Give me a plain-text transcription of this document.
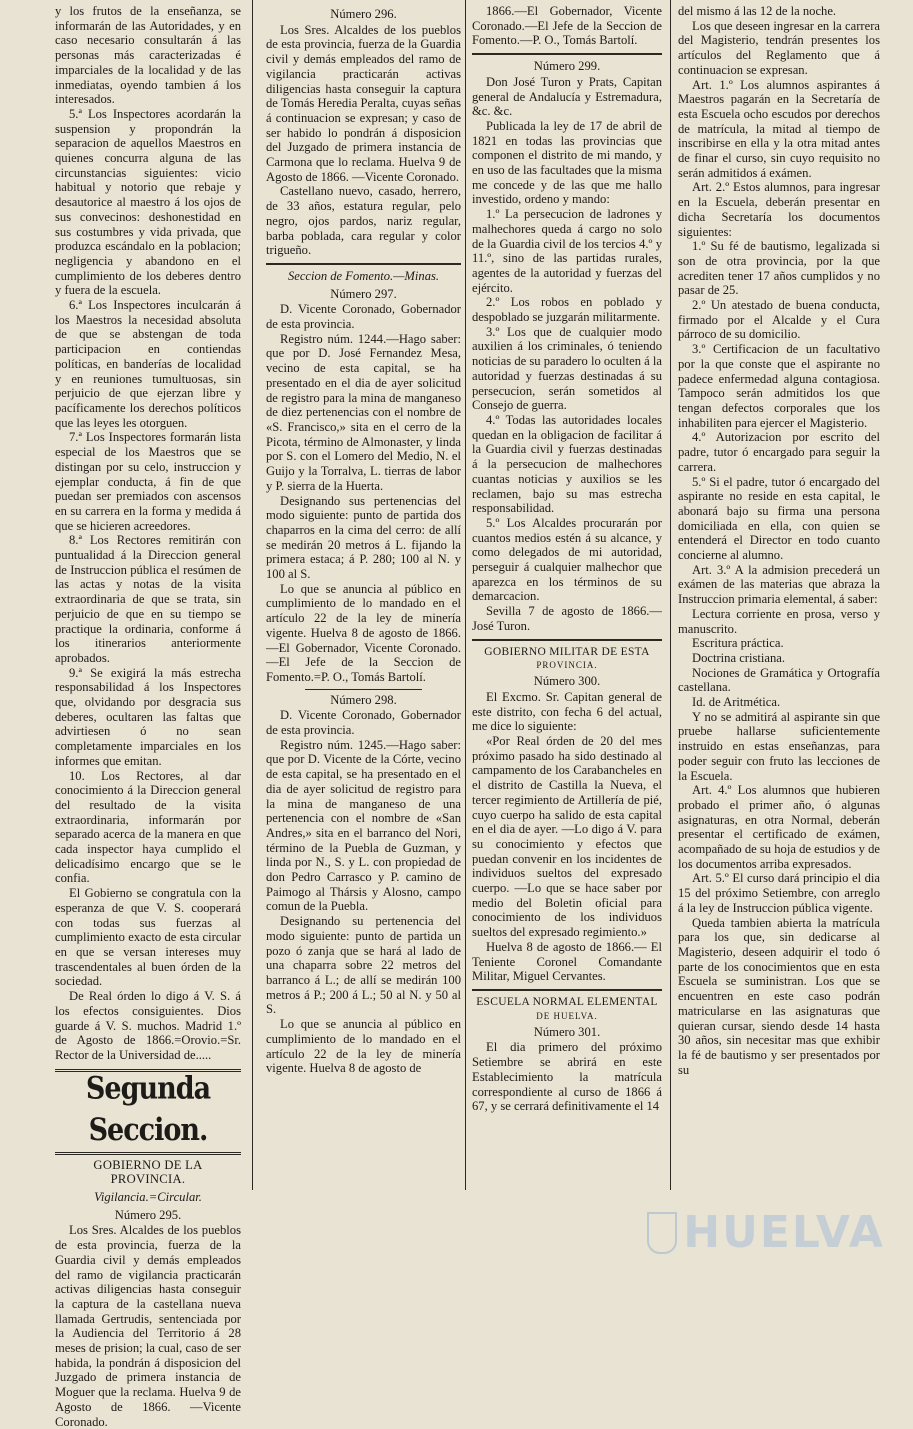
y los frutos de la enseñanza, se informarán de las Autoridades, y en caso necesario consultarán á las personas más caracterizadas é imparciales de la localidad y de las inmediatas, oyendo tambien á los interesados.

5.ª Los Inspectores acordarán la suspension y propondrán la separacion de aquellos Maestros en quienes concurra alguna de las circunstancias siguientes: vicio habitual y notorio que rebaje y desautorice al maestro á los ojos de sus convecinos: deshonestidad en sus costumbres y vida privada, que produzca escándalo en la poblacion; negligencia y abandono en el cumplimiento de los deberes dentro y fuera de la escuela.

6.ª Los Inspectores inculcarán á los Maestros la necesidad absoluta de que se abstengan de toda participacion en contiendas políticas, en banderías de localidad y en reuniones tumultuosas, sin perjuicio de que ejerzan libre y pacíficamente los derechos políticos que las leyes les otorguen.

7.ª Los Inspectores formarán lista especial de los Maestros que se distingan por su celo, instruccion y ejemplar conducta, á fin de que puedan ser premiados con ascensos en su carrera en la forma y medida á que se hicieren acreedores.

8.ª Los Rectores remitirán con puntualidad á la Direccion general de Instruccion pública el resúmen de las actas y notas de la visita extraordinaria de que se trata, sin perjuicio de que en su tiempo se practique la ordinaria, conforme á los itinerarios anteriormente aprobados.

9.ª Se exigirá la más estrecha responsabilidad á los Inspectores que, olvidando por desgracia sus deberes, ocultaren las faltas que advirtiesen ó no sean completamente imparciales en los informes que emitan.

10. Los Rectores, al dar conocimiento á la Direccion general del resultado de la visita extraordinaria, informarán por separado acerca de la manera en que cada inspector haya cumplido el delicadísimo encargo que se le confia.

El Gobierno se congratula con la esperanza de que V. S. cooperará con todas sus fuerzas al cumplimiento exacto de esta circular en que se versan intereses muy trascendentales al buen órden de la sociedad.

De Real órden lo digo á V. S. á los efectos consiguientes. Dios guarde á V. S. muchos. Madrid 1.º de Agosto de 1866.=Orovio.=Sr. Rector de la Universidad de.....

Segunda Seccion.

GOBIERNO DE LA PROVINCIA.

Vigilancia.=Circular.

Número 295.

Los Sres. Alcaldes de los pueblos de esta provincia, fuerza de la Guardia civil y demás empleados del ramo de vigilancia practicarán activas diligencias hasta conseguir la captura de la castellana nueva llamada Gertrudis, sentenciada por la Audiencia del Territorio á 28 meses de prision; la cual, caso de ser habida, la pondrán á disposicion del Juzgado de primera instancia de Moguer que la reclama. Huelva 9 de Agosto de 1866. —Vicente Coronado.

Número 296.

Los Sres. Alcaldes de los pueblos de esta provincia, fuerza de la Guardia civil y demás empleados del ramo de vigilancia practicarán activas diligencias hasta conseguir la captura de Tomás Heredia Peralta, cuyas señas á continuacion se expresan; y caso de ser habido lo pondrán á disposicion del Juzgado de primera instancia de Carmona que lo reclama. Huelva 9 de Agosto de 1866. —Vicente Coronado.

Castellano nuevo, casado, herrero, de 33 años, estatura regular, pelo negro, ojos pardos, nariz regular, barba poblada, cara regular y color trigueño.

Seccion de Fomento.—Minas.

Número 297.

D. Vicente Coronado, Gobernador de esta provincia.

Registro núm. 1244.—Hago saber: que por D. José Fernandez Mesa, vecino de esta capital, se ha presentado en el dia de ayer solicitud de registro para la mina de manganeso de diez pertenencias con el nombre de «S. Francisco,» sita en el cerro de la Picota, término de Almonaster, y linda por S. con el Lomero del Medio, N. el Guijo y la Torralva, L. tierras de labor y P. sierra de la Huerta.

Designando sus pertenencias del modo siguiente: punto de partida dos chaparros en la cima del cerro: de allí se medirán 20 metros á L. fijando la primera estaca; á P. 280; 100 al N. y 100 al S.

Lo que se anuncia al público en cumplimiento de lo mandado en el artículo 22 de la ley de minería vigente. Huelva 8 de agosto de 1866.—El Gobernador, Vicente Coronado.—El Jefe de la Seccion de Fomento.=P. O., Tomás Bartolí.

Número 298.

D. Vicente Coronado, Gobernador de esta provincia.

Registro núm. 1245.—Hago saber: que por D. Vicente de la Córte, vecino de esta capital, se ha presentado en el dia de ayer solicitud de registro para la mina de manganeso de una pertenencia con el nombre de «San Andres,» sita en el barranco del Nori, término de la Puebla de Guzman, y linda por N., S. y L. con propiedad de don Pedro Carrasco y P. camino de Paimogo al Thársis y Alosno, campo comun de la Puebla.

Designando su pertenencia del modo siguiente: punto de partida un pozo ó zanja que se hará al lado de una chaparra sobre 22 metros del barranco á L.; de allí se medirán 100 metros á P.; 200 á L.; 50 al N. y 50 al S.

Lo que se anuncia al público en cumplimiento de lo mandado en el artículo 22 de la ley de minería vigente. Huelva 8 de agosto de

1866.—El Gobernador, Vicente Coronado.—El Jefe de la Seccion de Fomento.—P. O., Tomás Bartolí.

Número 299.

Don José Turon y Prats, Capitan general de Andalucía y Estremadura, &c. &c.

Publicada la ley de 17 de abril de 1821 en todas las provincias que componen el distrito de mi mando, y en uso de las facultades que la misma me concede y de las que me hallo investido, ordeno y mando:

1.º La persecucion de ladrones y malhechores queda á cargo no solo de la Guardia civil de los tercios 4.º y 11.º, sino de las partidas rurales, agentes de la autoridad y fuerzas del ejército.

2.º Los robos en poblado y despoblado se juzgarán militarmente.

3.º Los que de cualquier modo auxilien á los criminales, ó teniendo noticias de su paradero lo oculten á la autoridad y fuerzas destinadas á su persecucion, serán sometidos al Consejo de guerra.

4.º Todas las autoridades locales quedan en la obligacion de facilitar á la Guardia civil y fuerzas destinadas á la persecucion de malhechores cuantas noticias y auxilios se les reclamen, bajo su mas estrecha responsabilidad.

5.º Los Alcaldes procurarán por cuantos medios estén á su alcance, y como delegados de mi autoridad, perseguir á cualquier malhechor que aparezca en los términos de su demarcacion.

Sevilla 7 de agosto de 1866.— José Turon.

GOBIERNO MILITAR DE ESTA

PROVINCIA.

Número 300.

El Excmo. Sr. Capitan general de este distrito, con fecha 6 del actual, me dice lo siguiente:

«Por Real órden de 20 del mes próximo pasado ha sido destinado al campamento de los Carabancheles en el distrito de Castilla la Nueva, el tercer regimiento de Artillería de pié, cuyo cuerpo ha salido de esta capital en el dia de ayer. —Lo digo á V. para su conocimiento y efectos que puedan convenir en los incidentes de individuos sueltos del expresado cuerpo. —Lo que se hace saber por medio del Boletin oficial para conocimiento de los individuos sueltos del expresado regimiento.»

Huelva 8 de agosto de 1866.— El Teniente Coronel Comandante Militar, Miguel Cervantes.

ESCUELA NORMAL ELEMENTAL

DE HUELVA.

Número 301.

El dia primero del próximo Setiembre se abrirá en este Establecimiento la matrícula correspondiente al curso de 1866 á 67, y se cerrará definitivamente el 14

del mismo á las 12 de la noche.

Los que deseen ingresar en la carrera del Magisterio, tendrán presentes los artículos del Reglamento que á continuacion se expresan.

Art. 1.º Los alumnos aspirantes á Maestros pagarán en la Secretaría de esta Escuela ocho escudos por derechos de matrícula, la mitad al tiempo de inscribirse en ella y la otra mitad antes de finar el curso, sin cuyo requisito no serán admitidos á exámen.

Art. 2.º Estos alumnos, para ingresar en la Escuela, deberán presentar en dicha Secretaría los documentos siguientes:

1.º Su fé de bautismo, legalizada si son de otra provincia, por la que acrediten tener 17 años cumplidos y no pasar de 25.

2.º Un atestado de buena conducta, firmado por el Alcalde y el Cura párroco de su domicilio.

3.º Certificacion de un facultativo por la que conste que el aspirante no padece enfermedad alguna contagiosa. Tampoco serán admitidos los que tengan defectos corporales que los inhabiliten para ejercer el Magisterio.

4.º Autorizacion por escrito del padre, tutor ó encargado para seguir la carrera.

5.º Si el padre, tutor ó encargado del aspirante no reside en esta capital, le abonará bajo su firma una persona domiciliada en ella, con quien se entenderá el Director en todo cuanto concierne al alumno.

Art. 3.º A la admision precederá un exámen de las materias que abraza la Instruccion primaria elemental, á saber:

Lectura corriente en prosa, verso y manuscrito.

Escritura práctica.

Doctrina cristiana.

Nociones de Gramática y Ortografía castellana.

Id. de Aritmética.

Y no se admitirá al aspirante sin que pruebe hallarse suficientemente instruido en estas enseñanzas, para poder seguir con fruto las lecciones de la Escuela.

Art. 4.º Los alumnos que hubieren probado el primer año, ó algunas asignaturas, en otra Normal, deberán presentar el certificado de exámen, acompañado de su hoja de estudios y de los documentos arriba expresados.

Art. 5.º El curso dará principio el dia 15 del próximo Setiembre, con arreglo á la ley de Instruccion pública vigente.

Queda tambien abierta la matrícula para los que, sin dedicarse al Magisterio, deseen adquirir el todo ó parte de los conocimientos que en esta Escuela se suministran. Los que se encuentren en este caso podrán matricularse en las asignaturas que quieran cursar, siendo desde 14 hasta 30 años, sin necesitar mas que exhibir la fé de bautismo y ser presentados por su

HUELVA
